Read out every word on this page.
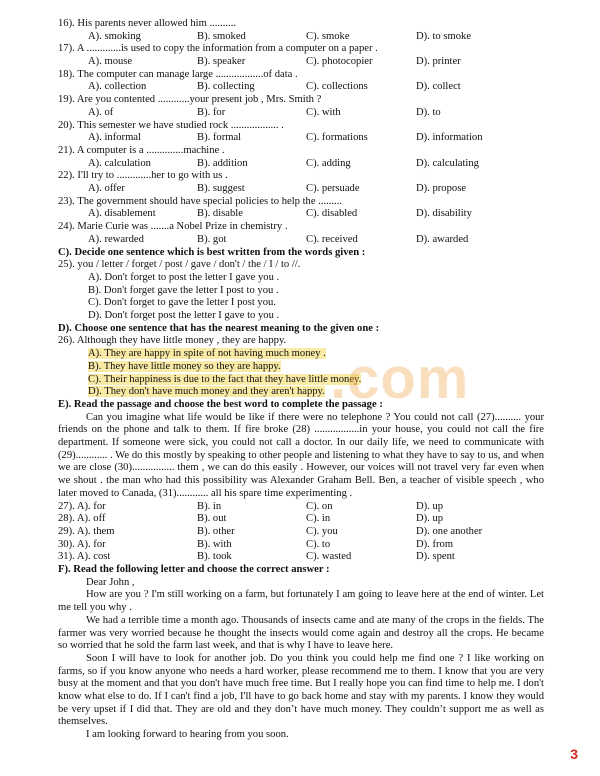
16). His parents never allowed him ..........
A). smoking	B). smoked	C). smoke	D). to smoke
17). A .............is used to copy the information from a computer on a paper .
A). mouse	B). speaker	C). photocopier	D). printer
18). The computer can manage large ..................of data .
A). collection	B). collecting	C). collections	D). collect
19). Are you contented ............your present job , Mrs. Smith ?
A). of	B). for	C). with	D). to
20). This semester we have studied rock .................. .
A). informal	B). formal	C). formations	D). information
21). A computer is a ..............machine .
A). calculation	B). addition	C). adding	D). calculating
22). I'll try to .............her to go with us .
A). offer	B). suggest	C). persuade	D). propose
23). The government should have special policies to help the .........
A). disablement	B). disable	C). disabled	D). disability
24). Marie Curie was .......a Nobel Prize in chemistry .
A). rewarded	B). got	C). received	D). awarded
C). Decide one sentence which is best written from the words given :
25). you / letter / forget / post / gave / don't / the / I / to //.
A). Don't forget to post the letter I gave you .
B). Don't forget gave the letter I post to you .
C). Don't forget to gave the letter I post you.
D). Don't forget post the letter I gave to you .
D). Choose one sentence that has the nearest meaning to the given one :
26). Although they have little money , they are happy.
A). They are happy in spite of not having much money .
B). They have little money so they are happy.
C). Their happiness is due to the fact that they have little money.
D). They don't have much money and they aren't happy.
E). Read the passage and choose the best word to complete the passage :

Can you imagine what life would be like if there were no telephone ? You could not call (27).......... your friends on the phone and talk to them. If fire broke (28) .................in your house, you could not call the fire department. If someone were sick, you could not call a doctor. In our daily life, we need to communicate with (29)............ . We do this mostly by speaking to other people and listening to what they have to say to us, and when we are close (30)................ them , we can do this easily . However, our voices will not travel very far even when we shout . the man who had this possibility was Alexander Graham Bell. Ben, a teacher of visible speech , who later moved to Canada, (31)............ all his spare time experimenting .

27). A). for	B). in	C). on	D). up
28). A). off	B). out	C). in	D). up
29). A). them	B). other	C). you	D). one another
30). A). for	B). with	C). to	D). from
31). A). cost	B). took	C). wasted	D). spent
F). Read the following letter and choose the correct answer :

Dear John ,

How are you ? I'm still working on a farm, but fortunately I am going to leave here at the end of winter. Let me tell you why .

We had a terrible time a month ago. Thousands of insects came and ate many of the crops in the fields. The farmer was very worried because he thought the insects would come again and destroy all the crops. He became so worried that he sold the farm last week, and that is why I have to leave here.

Soon I will have to look for another job. Do you think you could help me find one ? I like working on farms, so if you know anyone who needs a hard worker, please recommend me to them. I know that you are very busy at the moment and that you don't have much free time. But I really hope you can find time to help me. I don't know what else to do. If I can't find a job, I'll have to go back home and stay with my parents. I know they would be very upset if I did that. They are old and they don’t have much money. They couldn’t support me as well as themselves.

I am looking forward to hearing from you soon.

.com
3
